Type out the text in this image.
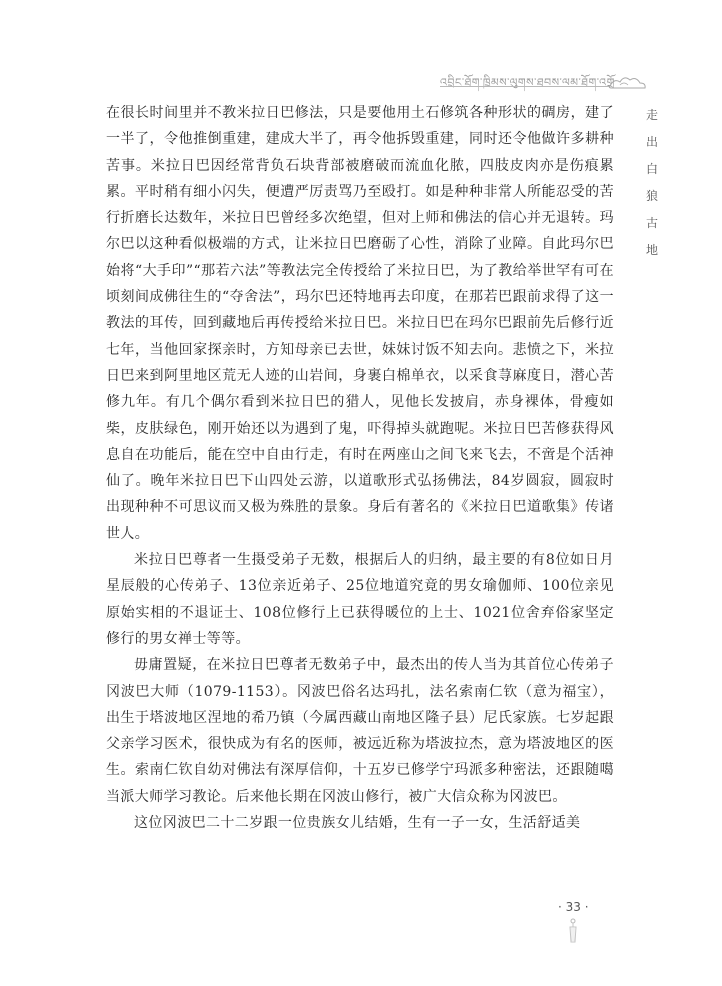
འབྲིང་ཐོག་ཁྲིམས་ལུགས་ཐབས་ལམ་ཐོག་འགྲོ
走
出
白
狼
古
地

在很长时间里并不教米拉日巴修法，只是要他用土石修筑各种形状的碉房，建了一半了，令他推倒重建，建成大半了，再令他拆毁重建，同时还令他做许多耕种苦事。米拉日巴因经常背负石块背部被磨破而流血化脓，四肢皮肉亦是伤痕累累。平时稍有细小闪失，便遭严厉责骂乃至殴打。如是种种非常人所能忍受的苦行折磨长达数年，米拉日巴曾经多次绝望，但对上师和佛法的信心并无退转。玛尔巴以这种看似极端的方式，让米拉日巴磨砺了心性，消除了业障。自此玛尔巴始将“大手印”“那若六法”等教法完全传授给了米拉日巴，为了教给举世罕有可在顷刻间成佛往生的“夺舍法”，玛尔巴还特地再去印度，在那若巴跟前求得了这一教法的耳传，回到藏地后再传授给米拉日巴。米拉日巴在玛尔巴跟前先后修行近七年，当他回家探亲时，方知母亲已去世，妹妹讨饭不知去向。悲愤之下，米拉日巴来到阿里地区荒无人迹的山岩间，身裹白棉单衣，以采食荨麻度日，潜心苦修九年。有几个偶尔看到米拉日巴的猎人，见他长发披肩，赤身裸体，骨瘦如柴，皮肤绿色，刚开始还以为遇到了鬼，吓得掉头就跑呢。米拉日巴苦修获得风息自在功能后，能在空中自由行走，有时在两座山之间飞来飞去，不啻是个活神仙了。晚年米拉日巴下山四处云游，以道歌形式弘扬佛法，84岁圆寂，圆寂时出现种种不可思议而又极为殊胜的景象。身后有著名的《米拉日巴道歌集》传诸世人。

米拉日巴尊者一生摄受弟子无数，根据后人的归纳，最主要的有8位如日月星辰般的心传弟子、13位亲近弟子、25位地道究竟的男女瑜伽师、100位亲见原始实相的不退证士、108位修行上已获得暖位的上士、1021位舍弃俗家坚定修行的男女禅士等等。

毋庸置疑，在米拉日巴尊者无数弟子中，最杰出的传人当为其首位心传弟子冈波巴大师（1079-1153）。冈波巴俗名达玛扎，法名索南仁钦（意为福宝），出生于塔波地区涅地的希乃镇（今属西藏山南地区隆子县）尼氏家族。七岁起跟父亲学习医术，很快成为有名的医师，被远近称为塔波拉杰，意为塔波地区的医生。索南仁钦自幼对佛法有深厚信仰，十五岁已修学宁玛派多种密法，还跟随噶当派大师学习教论。后来他长期在冈波山修行，被广大信众称为冈波巴。

这位冈波巴二十二岁跟一位贵族女儿结婚，生有一子一女，生活舒适美

· 33 ·
